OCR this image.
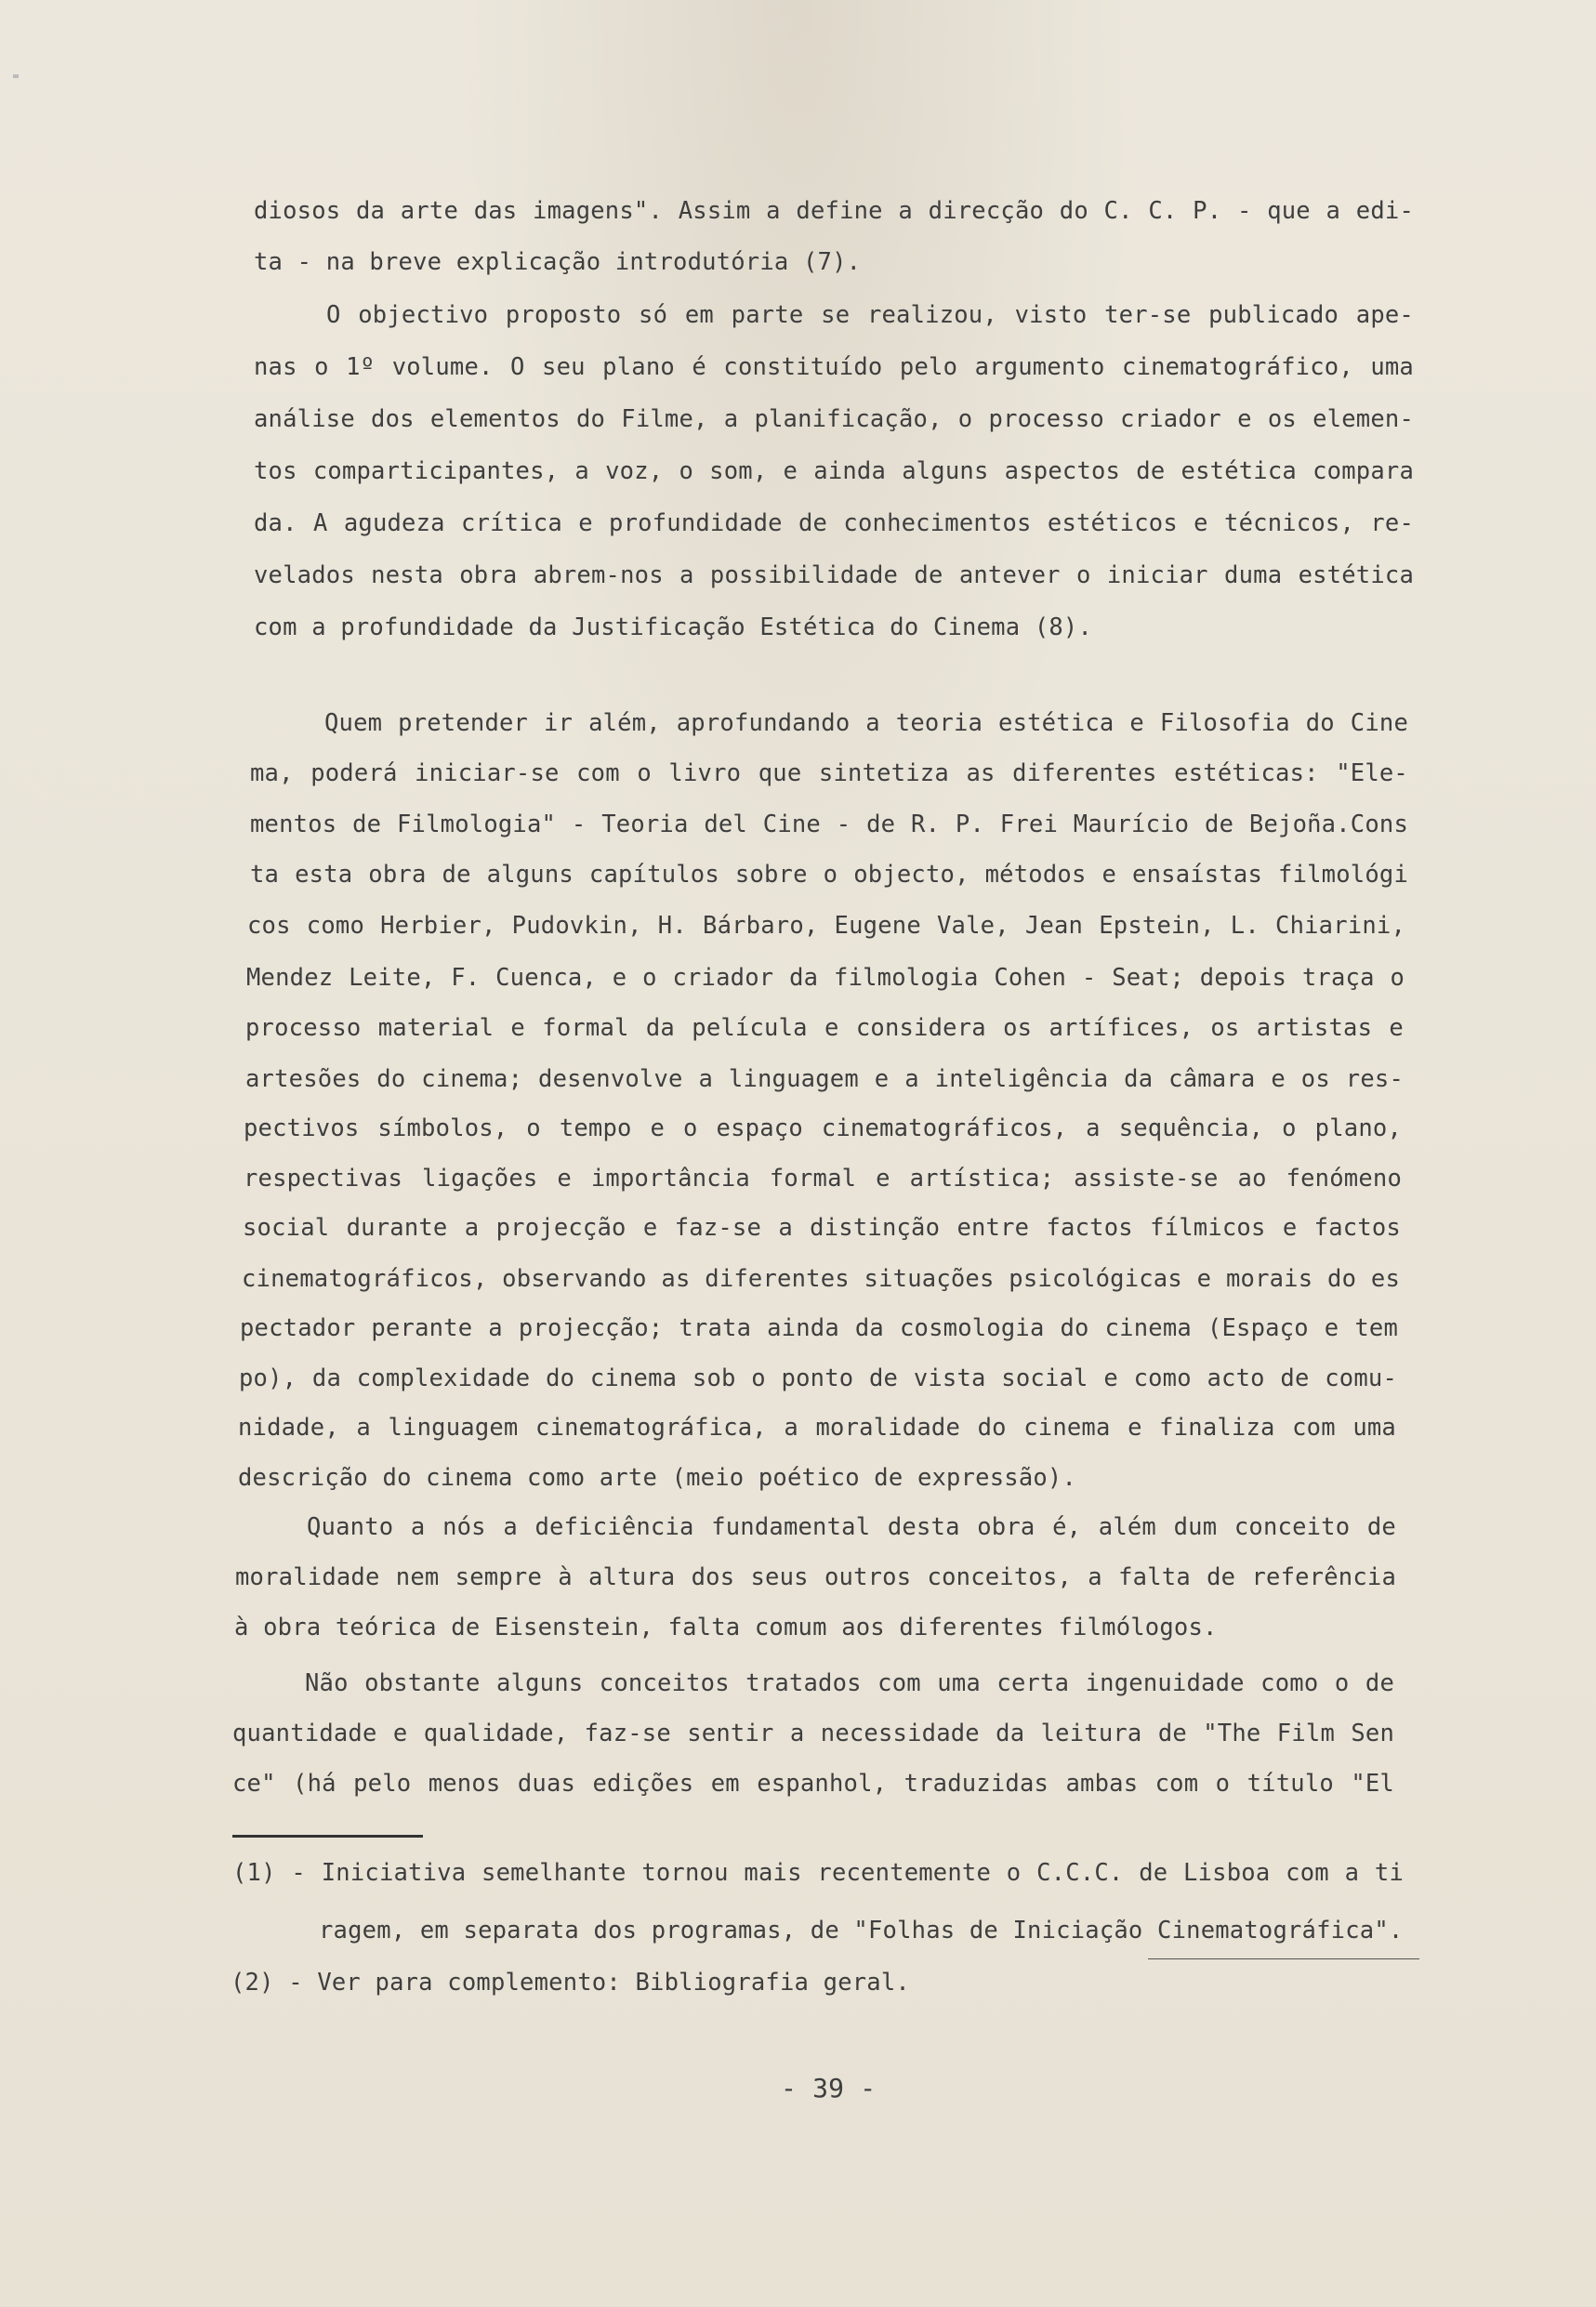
diosos da arte das imagens". Assim a define a direcção do C. C. P. - que a edi-
ta - na breve explicação introdutória (7).
O objectivo proposto só em parte se realizou, visto ter-se publicado ape-
nas o 1º volume. O seu plano é constituído pelo argumento cinematográfico, uma
análise dos elementos do Filme, a planificação, o processo criador e os elemen-
tos comparticipantes, a voz, o som, e ainda alguns aspectos de estética compara
da. A agudeza crítica e profundidade de conhecimentos estéticos e técnicos, re-
velados nesta obra abrem-nos a possibilidade de antever o iniciar duma estética
com a profundidade da Justificação Estética do Cinema (8).
Quem pretender ir além, aprofundando a teoria estética e Filosofia do Cine
ma, poderá iniciar-se com o livro que sintetiza as diferentes estéticas: "Ele-
mentos de Filmologia" - Teoria del Cine - de R. P. Frei Maurício de Bejoña.Cons
ta esta obra de alguns capítulos sobre o objecto, métodos e ensaístas filmológi
cos como Herbier, Pudovkin, H. Bárbaro, Eugene Vale, Jean Epstein, L. Chiarini,
Mendez Leite, F. Cuenca, e o criador da filmologia Cohen - Seat; depois traça o
processo material e formal da película e considera os artífices, os artistas e
artesões do cinema; desenvolve a linguagem e a inteligência da câmara e os res-
pectivos símbolos, o tempo e o espaço cinematográficos, a sequência, o plano,
respectivas ligações e importância formal e artística; assiste-se ao fenómeno
social durante a projecção e faz-se a distinção entre factos fílmicos e factos
cinematográficos, observando as diferentes situações psicológicas e morais do es
pectador perante a projecção; trata ainda da cosmologia do cinema (Espaço e tem
po), da complexidade do cinema sob o ponto de vista social e como acto de comu-
nidade, a linguagem cinematográfica, a moralidade do cinema e finaliza com uma
descrição do cinema como arte (meio poético de expressão).
Quanto a nós a deficiência fundamental desta obra é, além dum conceito de
moralidade nem sempre à altura dos seus outros conceitos, a falta de referência
à obra teórica de Eisenstein, falta comum aos diferentes filmólogos.
Não obstante alguns conceitos tratados com uma certa ingenuidade como o de
quantidade e qualidade, faz-se sentir a necessidade da leitura de "The Film Sen
ce" (há pelo menos duas edições em espanhol, traduzidas ambas com o título "El
(1) - Iniciativa semelhante tornou mais recentemente o C.C.C. de Lisboa com a ti
ragem, em separata dos programas, de "Folhas de Iniciação Cinematográfica".
(2) - Ver para complemento: Bibliografia geral.
- 39 -
